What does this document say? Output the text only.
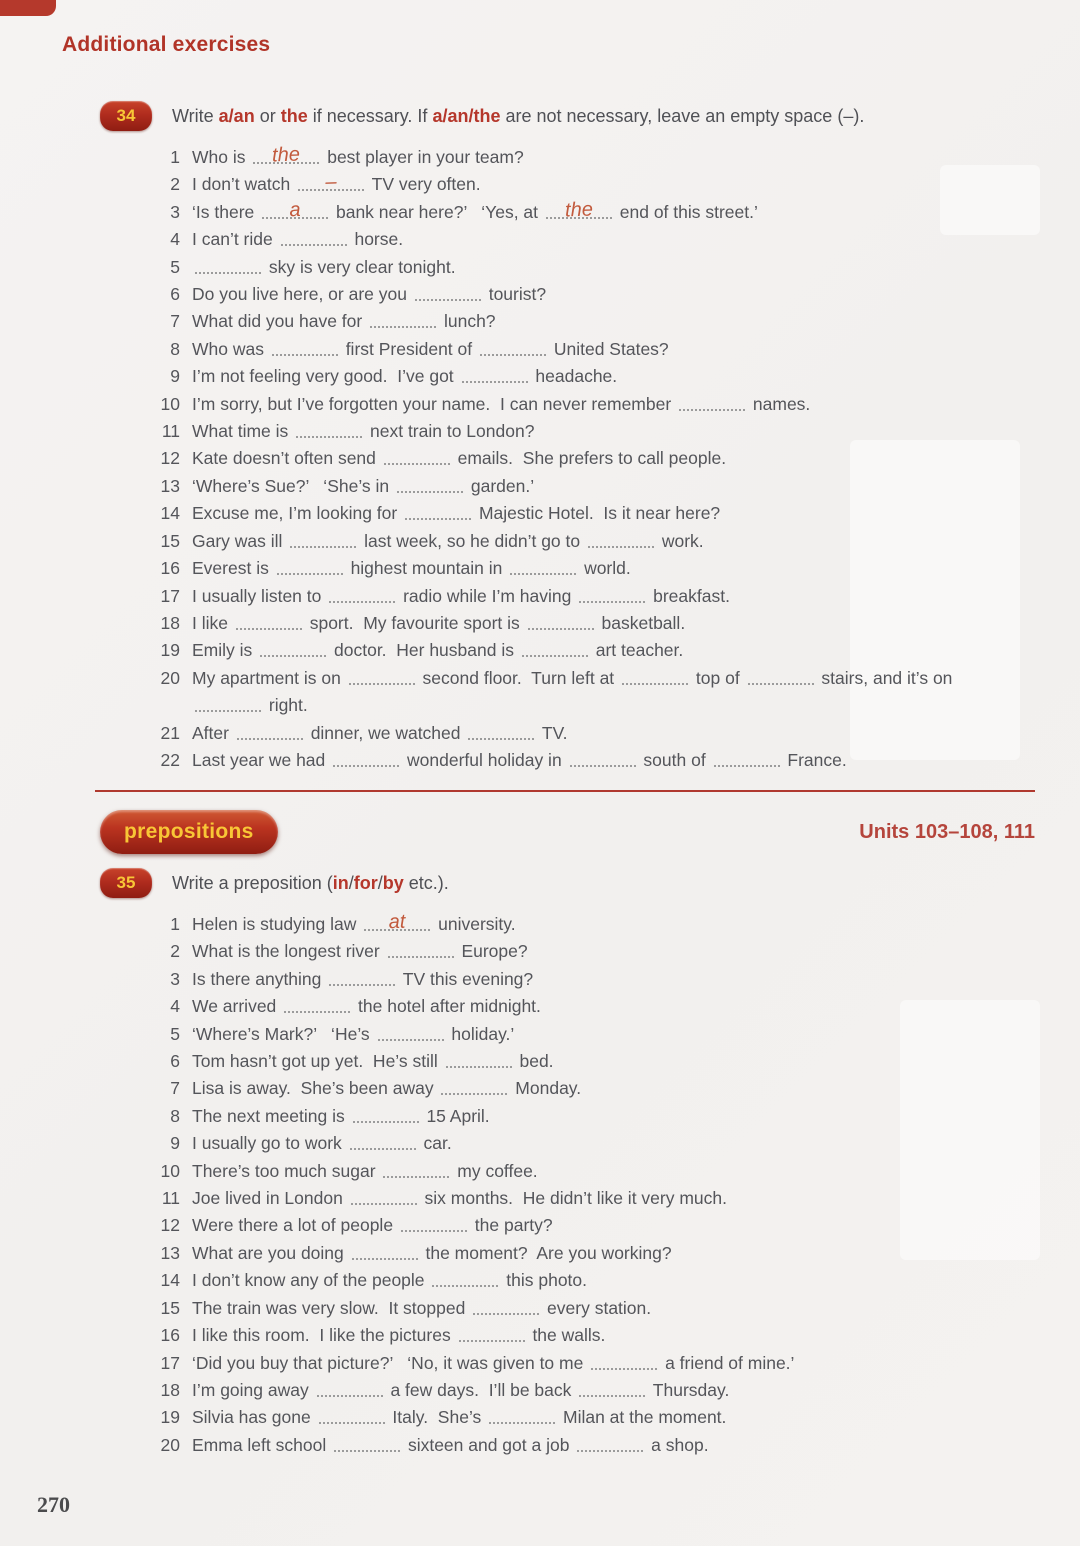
Additional exercises
34	Write a/an or the if necessary. If a/an/the are not necessary, leave an empty space (–).

1 Who is the best player in your team?
2 I don’t watch – TV very often.
3 ‘Is there a bank near here?’   ‘Yes, at the end of this street.’
4 I can’t ride	horse.
5	sky is very clear tonight.
6 Do you live here, or are you	tourist?
7 What did you have for	lunch?
8 Who was	first President of	United States?
9 I’m not feeling very good.  I’ve got	headache.
10 I’m sorry, but I’ve forgotten your name.  I can never remember	names.
11 What time is	next train to London?
12 Kate doesn’t often send	emails.  She prefers to call people.
13 ‘Where’s Sue?’   ‘She’s in	garden.’
14 Excuse me, I’m looking for	Majestic Hotel.  Is it near here?
15 Gary was ill	last week, so he didn’t go to	work.
16 Everest is	highest mountain in	world.
17 I usually listen to	radio while I’m having	breakfast.
18 I like	sport.  My favourite sport is	basketball.
19 Emily is	doctor.  Her husband is	art teacher.
20 My apartment is on	second floor.  Turn left at	top of	stairs, and it’s on
right.
21 After	dinner, we watched	TV.
22 Last year we had	wonderful holiday in	south of	France.
prepositions	Units 103–108, 111
35	Write a preposition (in/for/by etc.).

1 Helen is studying law at university.
2 What is the longest river	Europe?
3 Is there anything	TV this evening?
4 We arrived	the hotel after midnight.
5 ‘Where’s Mark?’   ‘He’s	holiday.’
6 Tom hasn’t got up yet.  He’s still	bed.
7 Lisa is away.  She’s been away	Monday.
8 The next meeting is	15 April.
9 I usually go to work	car.
10 There’s too much sugar	my coffee.
11 Joe lived in London	six months.  He didn’t like it very much.
12 Were there a lot of people	the party?
13 What are you doing	the moment?  Are you working?
14 I don’t know any of the people	this photo.
15 The train was very slow.  It stopped	every station.
16 I like this room.  I like the pictures	the walls.
17 ‘Did you buy that picture?’   ‘No, it was given to me	a friend of mine.’
18 I’m going away	a few days.  I’ll be back	Thursday.
19 Silvia has gone	Italy.  She’s	Milan at the moment.
20 Emma left school	sixteen and got a job	a shop.
270
